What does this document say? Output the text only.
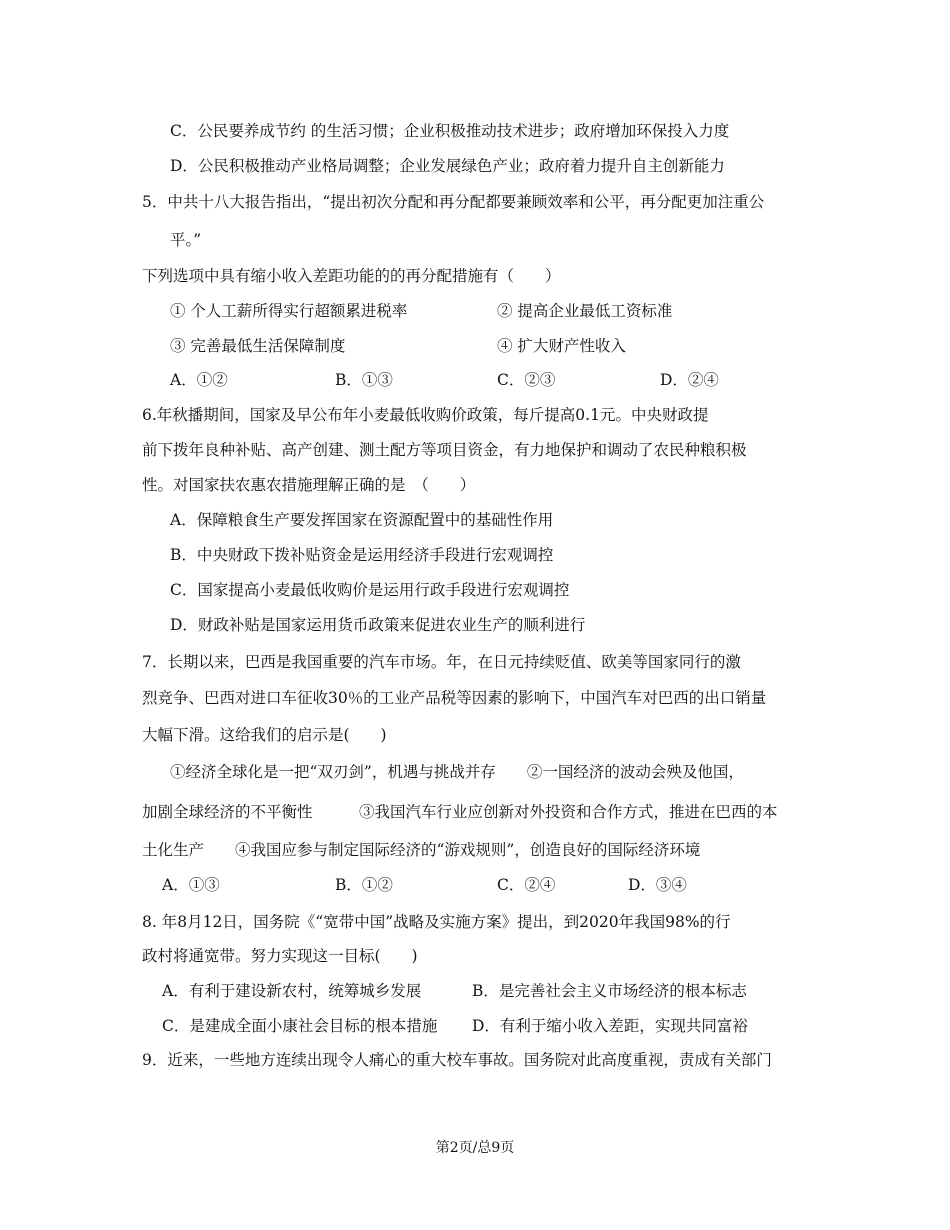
C．公民要养成节约 的生活习惯；企业积极推动技术进步；政府增加环保投入力度
D．公民积极推动产业格局调整；企业发展绿色产业；政府着力提升自主创新能力
5．中共十八大报告指出，“提出初次分配和再分配都要兼顾效率和公平，再分配更加注重公
平。”
下列选项中具有缩小收入差距功能的的再分配措施有（　　）
① 个人工薪所得实行超额累进税率	② 提高企业最低工资标准
③ 完善最低生活保障制度	④ 扩大财产性收入
A．①②	B．①③	C．②③	D．②④
6.年秋播期间，国家及早公布年小麦最低收购价政策，每斤提高0.1元。中央财政提
前下拨年良种补贴、高产创建、测土配方等项目资金，有力地保护和调动了农民种粮积极
性。对国家扶农惠农措施理解正确的是　（　　）
A．保障粮食生产要发挥国家在资源配置中的基础性作用
B．中央财政下拨补贴资金是运用经济手段进行宏观调控
C．国家提高小麦最低收购价是运用行政手段进行宏观调控
D．财政补贴是国家运用货币政策来促进农业生产的顺利进行
7．长期以来，巴西是我国重要的汽车市场。年，在日元持续贬值、欧美等国家同行的激
烈竞争、巴西对进口车征收30％的工业产品税等因素的影响下，中国汽车对巴西的出口销量
大幅下滑。这给我们的启示是(　　)
①经济全球化是一把“双刃剑”，机遇与挑战并存　　②一国经济的波动会殃及他国，
加剧全球经济的不平衡性　　　③我国汽车行业应创新对外投资和合作方式，推进在巴西的本
土化生产　　④我国应参与制定国际经济的“游戏规则”，创造良好的国际经济环境
A．①③	B．①②	C．②④	D．③④
8. 年8月12日，国务院《“宽带中国”战略及实施方案》提出，到2020年我国98%的行
政村将通宽带。努力实现这一目标(　　)
A．有利于建设新农村，统筹城乡发展	B．是完善社会主义市场经济的根本标志
C．是建成全面小康社会目标的根本措施 D．有利于缩小收入差距，实现共同富裕
9．近来，一些地方连续出现令人痛心的重大校车事故。国务院对此高度重视，责成有关部门
第2页/总9页
